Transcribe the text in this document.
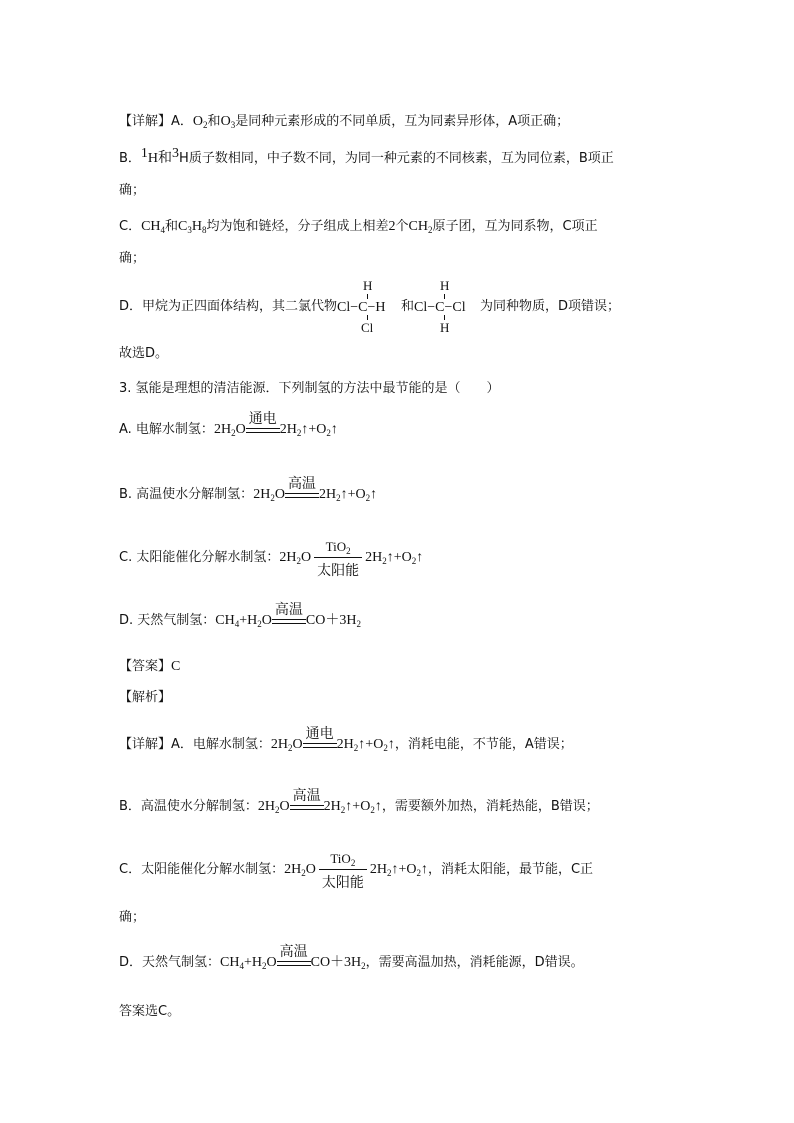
【详解】A．$O_2$和$O_3$是同种元素形成的不同单质，互为同素异形体，A项正确；
B．$^1$H和$^3$H质子数相同，中子数不同，为同一种元素的不同核素，互为同位素，B项正
确；
C．$CH_4$和$C_3H_8$均为饱和链烃，分子组成上相差2个$CH_2$原子团，互为同系物，C项正
确；
D．甲烷为正四面体结构，其二氯代物
H
Cl−C−H
Cl
和
H
Cl−C−Cl
H
为同种物质，D项错误；
故选D。
3. 氢能是理想的清洁能源．下列制氢的方法中最节能的是（　　）
A. 电解水制氢：$2H_2O$
通电
$2H_2↑+O_2↑$
B. 高温使水分解制氢：$2H_2O$
高温
$2H_2↑+O_2↑$
C. 太阳能催化分解水制氢：$2H_2O \frac{TiO_2}{\text{太阳能}}$ $2H_2↑+O_2↑$
D. 天然气制氢：$CH_4+H_2O$
高温
$CO+3H_2$
【答案】C
【解析】
【详解】A．电解水制氢：$2H_2O$
通电
$2H_2↑+O_2↑$，消耗电能，不节能，A错误；
B．高温使水分解制氢：$2H_2O$
高温
$2H_2↑+O_2↑$，需要额外加热，消耗热能，B错误；
C．太阳能催化分解水制氢：$2H_2O \frac{TiO_2}{\text{太阳能}}$ $2H_2↑+O_2↑$，消耗太阳能，最节能，C正
确；
D．天然气制氢：$CH_4+H_2O$
高温
$CO+3H_2$，需要高温加热，消耗能源，D错误。
答案选C。
